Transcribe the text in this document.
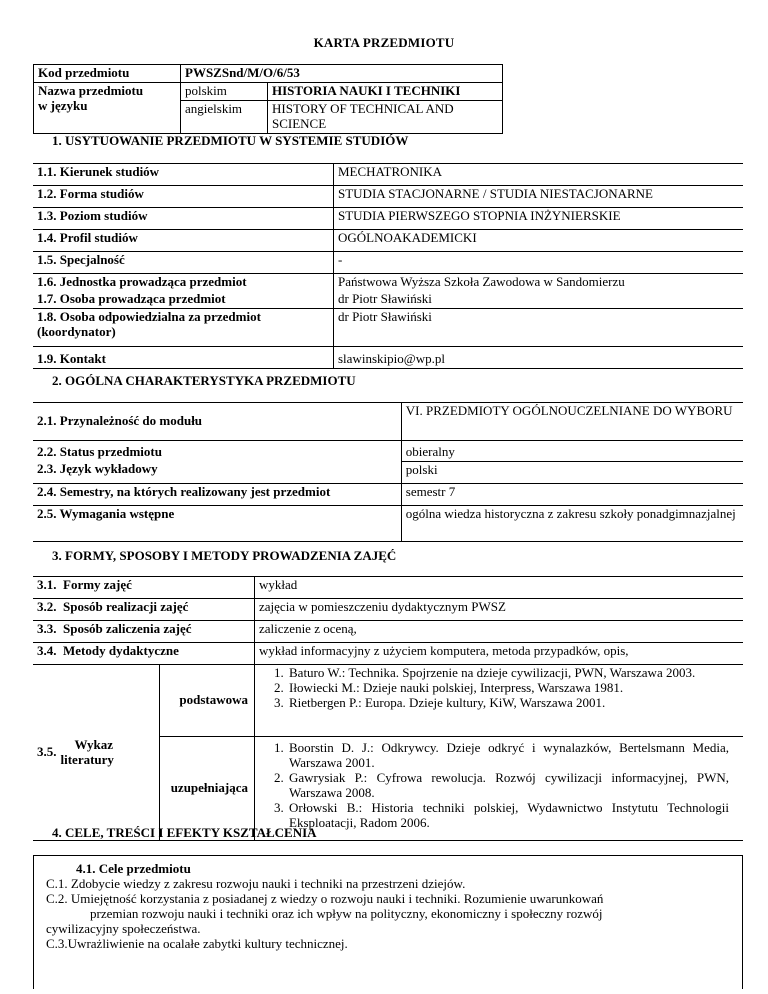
KARTA PRZEDMIOTU
Kod przedmiotu	PWSZSnd/M/O/6/53	

Nazwa przedmiotu
w języku	polskim	HISTORIA NAUKI I TECHNIKI
	angielskim	HISTORY OF TECHNICAL AND SCIENCE
1. USYTUOWANIE PRZEDMIOTU W SYSTEMIE STUDIÓW
1.1. Kierunek studiów	MECHATRONIKA
1.2. Forma studiów	STUDIA STACJONARNE / STUDIA NIESTACJONARNE
1.3. Poziom studiów	STUDIA PIERWSZEGO STOPNIA INŻYNIERSKIE
1.4. Profil studiów	OGÓLNOAKADEMICKI
1.5. Specjalność	-
1.6. Jednostka prowadząca przedmiot	Państwowa Wyższa Szkoła Zawodowa w Sandomierzu
1.7. Osoba prowadząca przedmiot	dr Piotr Sławiński
1.8. Osoba odpowiedzialna za przedmiot (koordynator)	dr Piotr Sławiński
1.9. Kontakt	slawinskipio@wp.pl
2. OGÓLNA CHARAKTERYSTYKA PRZEDMIOTU
2.1. Przynależność do modułu	VI. PRZEDMIOTY OGÓLNOUCZELNIANE DO WYBORU
2.2. Status przedmiotu	obieralny
2.3. Język wykładowy	polski
2.4. Semestry, na których realizowany jest przedmiot	semestr 7
2.5. Wymagania wstępne	ogólna wiedza historyczna z zakresu szkoły ponadgimnazjalnej
3. FORMY, SPOSOBY I METODY PROWADZENIA ZAJĘĆ
3.1. Formy zajęć	wykład
3.2. Sposób realizacji zajęć	zajęcia w pomieszczeniu dydaktycznym PWSZ
3.3. Sposób zaliczenia zajęć	zaliczenie z oceną,
3.4. Metody dydaktyczne	wykład informacyjny z użyciem komputera, metoda przypadków, opis,

3.5.	Wykaz
literatury
	podstawowa	
1. Baturo W.: Technika. Spojrzenie na dzieje cywilizacji, PWN, Warszawa 2003.
2. Iłowiecki M.: Dzieje nauki polskiej, Interpress, Warszawa 1981.
3. Rietbergen P.: Europa. Dzieje kultury, KiW, Warszawa 2001.

uzupełniająca	
1. Boorstin D. J.: Odkrywcy. Dzieje odkryć i wynalazków, Bertelsmann Media, Warszawa 2001.
2. Gawrysiak P.: Cyfrowa rewolucja. Rozwój cywilizacji informacyjnej, PWN, Warszawa 2008.
3. Orłowski B.: Historia techniki polskiej, Wydawnictwo Instytutu Technologii Eksploatacji, Radom 2006.
4. CELE, TREŚCI I EFEKTY KSZTAŁCENIA

4.1. Cele przedmiotu

C.1. Zdobycie wiedzy z zakresu rozwoju nauki i techniki na przestrzeni dziejów.

C.2. Umiejętność korzystania z posiadanej z wiedzy o rozwoju nauki i techniki. Rozumienie uwarunkowań

przemian rozwoju nauki i techniki oraz ich wpływ na polityczny, ekonomiczny i społeczny rozwój

cywilizacyjny społeczeństwa.

C.3.Uwrażliwienie na ocalałe zabytki kultury technicznej.
